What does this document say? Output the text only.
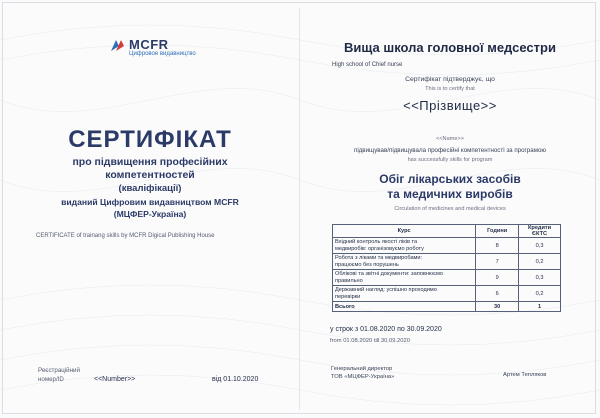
MCFR
Цифровое видавництво
СЕРТИФІКАТ
про підвищення професійних
компетентностей
(кваліфікації)
виданий Цифровим видавництвом MCFR
(МЦФЕР-Україна)
CERTIFICATE of trainang skills by MCFR Digical Publishing House
Реєстраційний
номер/ID	<<Number>>	від 01.10.2020
Вища школа головної медсестри
High school of Chief nurse
Сертифікат підтверджує, що
This is to certify that
<<Прізвище>>
<<Name>>
підвищував/підвищувала професійні компетентності за програмою
has successfully skills for program
Обіг лікарських засобів
та медичних виробів
Circulation of medicines and medical devices
Курс	Години	Кредити
ЄКТС

Вхідний контроль якості ліків та
медвиробів: організовуємо роботу	8	0,3

Робота з ліками та медвиробами:
працюємо без порушень	7	0,2

Облікові та звітні документи: заповнюємо
правильно	9	0,3

Державний нагляд: успішно проходимо
перевірки	6	0,2
Всього	30	1
у строк з 01.08.2020 по 30.09.2020
from 01.08.2020 till 30.09.2020
Генеральний директор
ТОВ «МЦФЕР-Україна»	Артем Тепляков
